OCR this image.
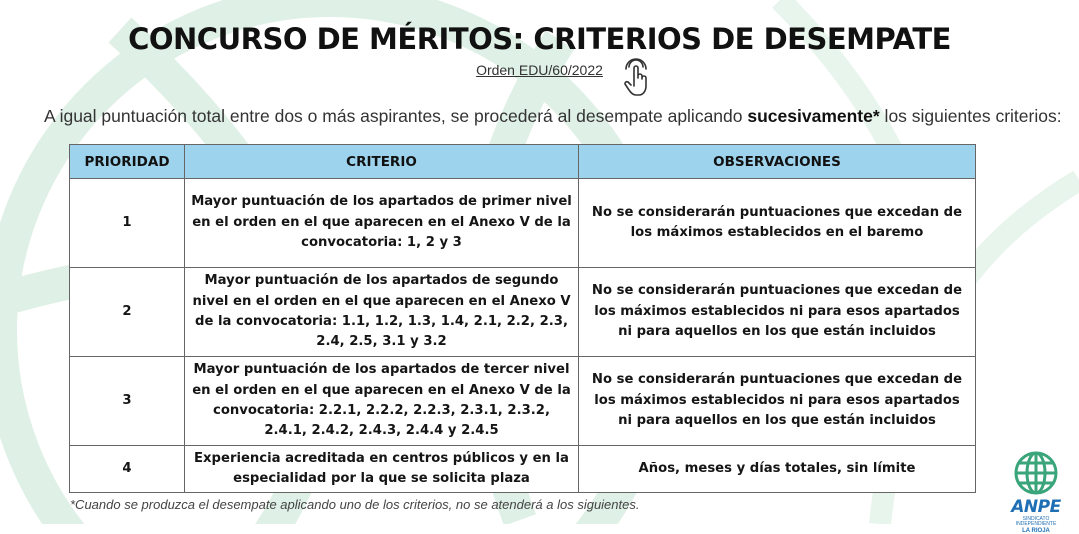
CONCURSO DE MÉRITOS: CRITERIOS DE DESEMPATE
Orden EDU/60/2022
A igual puntuación total entre dos o más aspirantes, se procederá al desempate aplicando sucesivamente* los siguientes criterios:
PRIORIDAD	CRITERIO	OBSERVACIONES
1	Mayor puntuación de los apartados de primer nivel en el orden en el que aparecen en el Anexo V de la convocatoria: 1, 2 y 3	No se considerarán puntuaciones que excedan de los máximos establecidos en el baremo
2	Mayor puntuación de los apartados de segundo nivel en el orden en el que aparecen en el Anexo V de la convocatoria: 1.1, 1.2, 1.3, 1.4, 2.1, 2.2, 2.3, 2.4, 2.5, 3.1 y 3.2	No se considerarán puntuaciones que excedan de los máximos establecidos ni para esos apartados ni para aquellos en los que están incluidos
3	Mayor puntuación de los apartados de tercer nivel en el orden en el que aparecen en el Anexo V de la convocatoria: 2.2.1, 2.2.2, 2.2.3, 2.3.1, 2.3.2, 2.4.1, 2.4.2, 2.4.3, 2.4.4 y 2.4.5	No se considerarán puntuaciones que excedan de los máximos establecidos ni para esos apartados ni para aquellos en los que están incluidos
4	Experiencia acreditada en centros públicos y en la especialidad por la que se solicita plaza	Años, meses y días totales, sin límite
*Cuando se produzca el desempate aplicando uno de los criterios, no se atenderá a los siguientes.	ANPE
SINDICATO INDEPENDIENTE
LA RIOJA
